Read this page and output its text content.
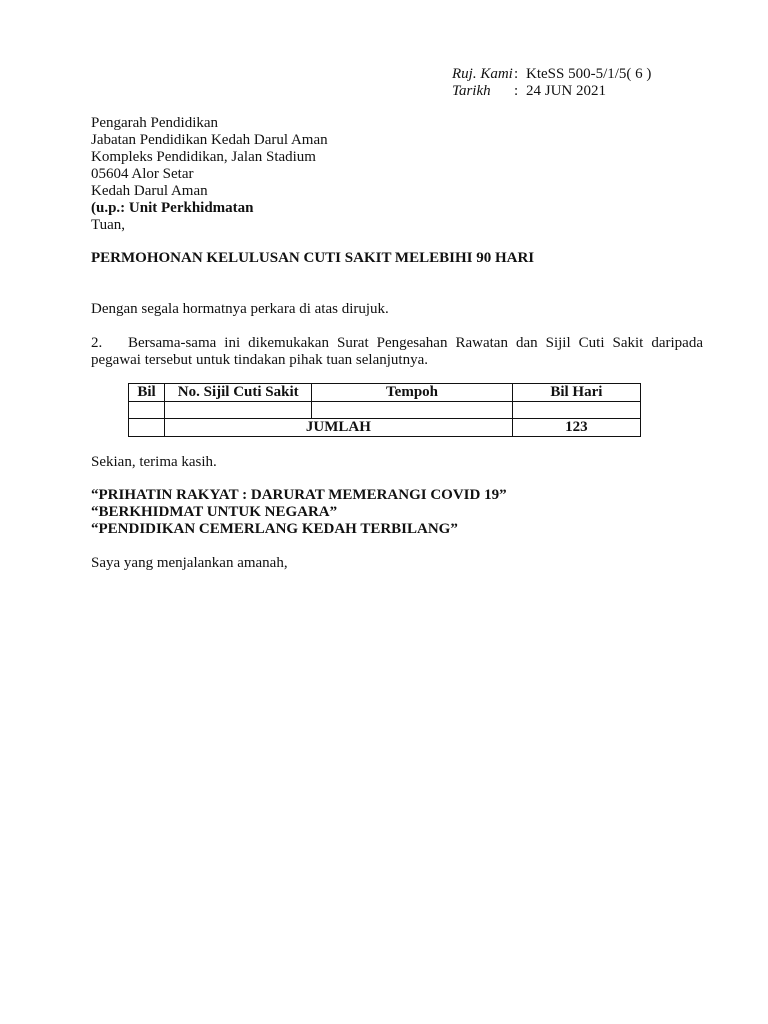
Ruj. Kami : KteSS 500-5/1/5( 6 )
Tarikh	: 24 JUN 2021
Pengarah Pendidikan
Jabatan Pendidikan Kedah Darul Aman
Kompleks Pendidikan, Jalan Stadium
05604 Alor Setar
Kedah Darul Aman
(u.p.: Unit Perkhidmatan
Tuan,
PERMOHONAN KELULUSAN CUTI SAKIT MELEBIHI 90 HARI
Dengan segala hormatnya perkara di atas dirujuk.
2. Bersama-sama ini dikemukakan Surat Pengesahan Rawatan dan Sijil Cuti Sakit daripada pegawai tersebut untuk tindakan pihak tuan selanjutnya.
Bil	No. Sijil Cuti Sakit	Tempoh	Bil Hari

	JUMLAH		123
Sekian, terima kasih.
“PRIHATIN RAKYAT : DARURAT MEMERANGI COVID 19”
“BERKHIDMAT UNTUK NEGARA”
“PENDIDIKAN CEMERLANG KEDAH TERBILANG”
Saya yang menjalankan amanah,
